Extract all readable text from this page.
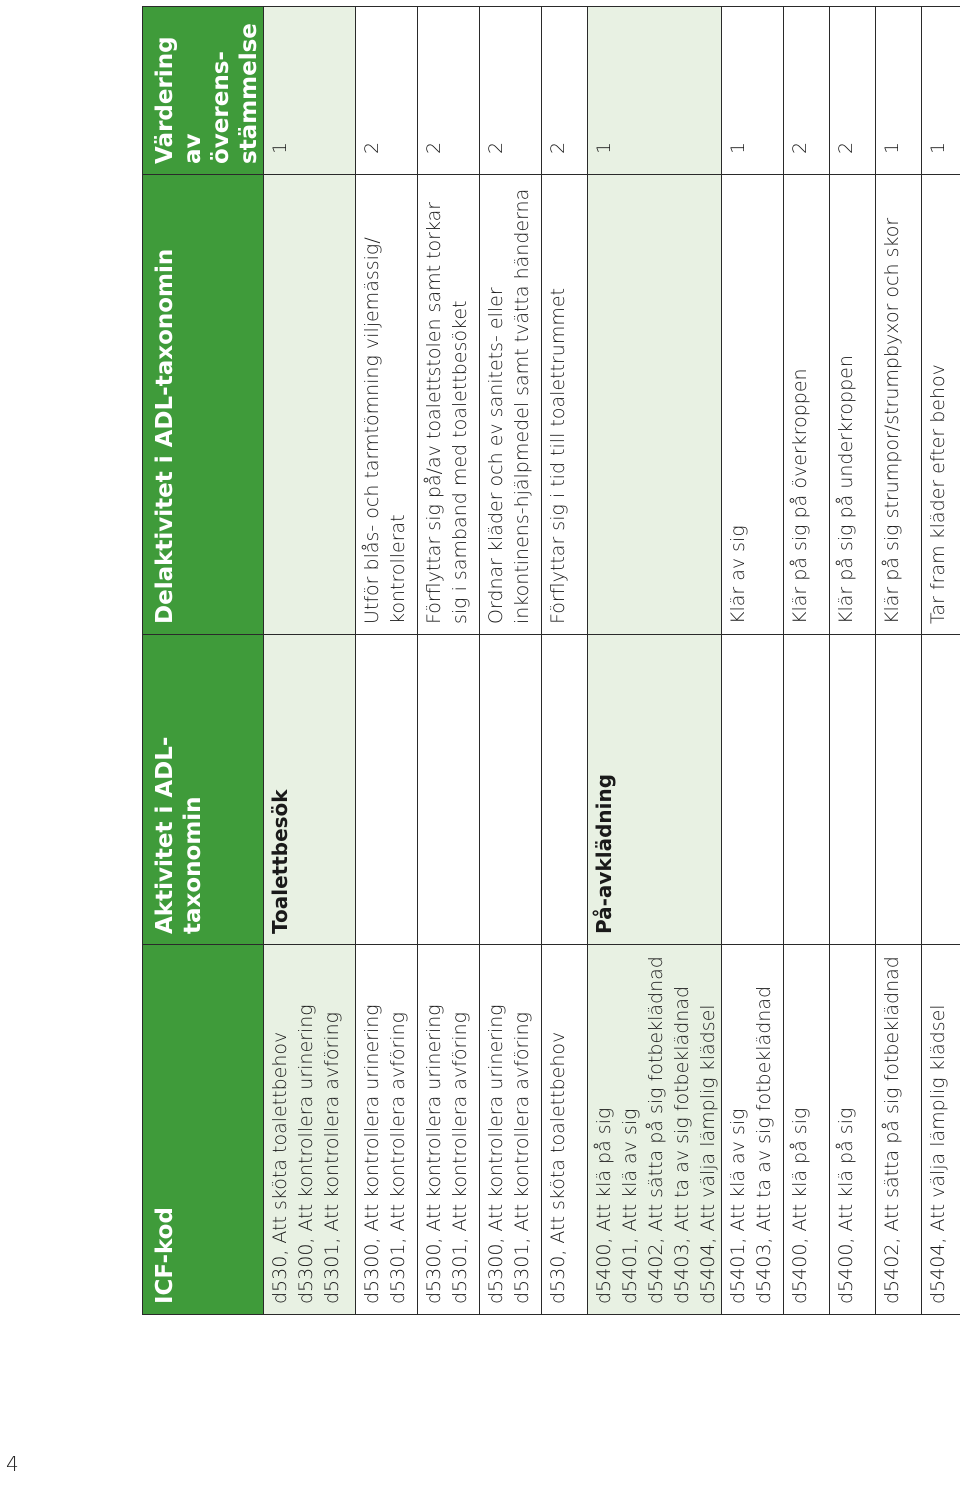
4
ICF-kod	Aktivitet i ADL-taxonomin	Delaktivitet i ADL-taxonomin	Värdering av överens-stämmelse

d530, Att sköta toalettbehov d5300, Att kontrollera urinering d5301, Att kontrollera avföring	Toalettbesök		1

d5300, Att kontrollera urinering d5301, Att kontrollera avföring		Utför blås- och tarmtömning viljemässig/ kontrollerat	2

d5300, Att kontrollera urinering d5301, Att kontrollera avföring		Förflyttar sig på/av toalettstolen samt torkar sig i samband med toalettbesöket	2

d5300, Att kontrollera urinering d5301, Att kontrollera avföring		Ordnar kläder och ev sanitets- eller inkontinens-hjälpmedel samt tvätta händerna	2

d530, Att sköta toalettbehov		Förflyttar sig i tid till toalettrummet	2

d5400, Att klä på sig d5401, Att klä av sig d5402, Att sätta på sig fotbeklädnad d5403, Att ta av sig fotbeklädnad d5404, Att välja lämplig klädsel	På-avklädning		1

d5401, Att klä av sig d5403, Att ta av sig fotbeklädnad		Klär av sig	1

d5400, Att klä på sig		Klär på sig på överkroppen	2

d5400, Att klä på sig		Klär på sig på underkroppen	2

d5402, Att sätta på sig fotbeklädnad		Klär på sig strumpor/strumpbyxor och skor	1

d5404, Att välja lämplig klädsel		Tar fram kläder efter behov	1
